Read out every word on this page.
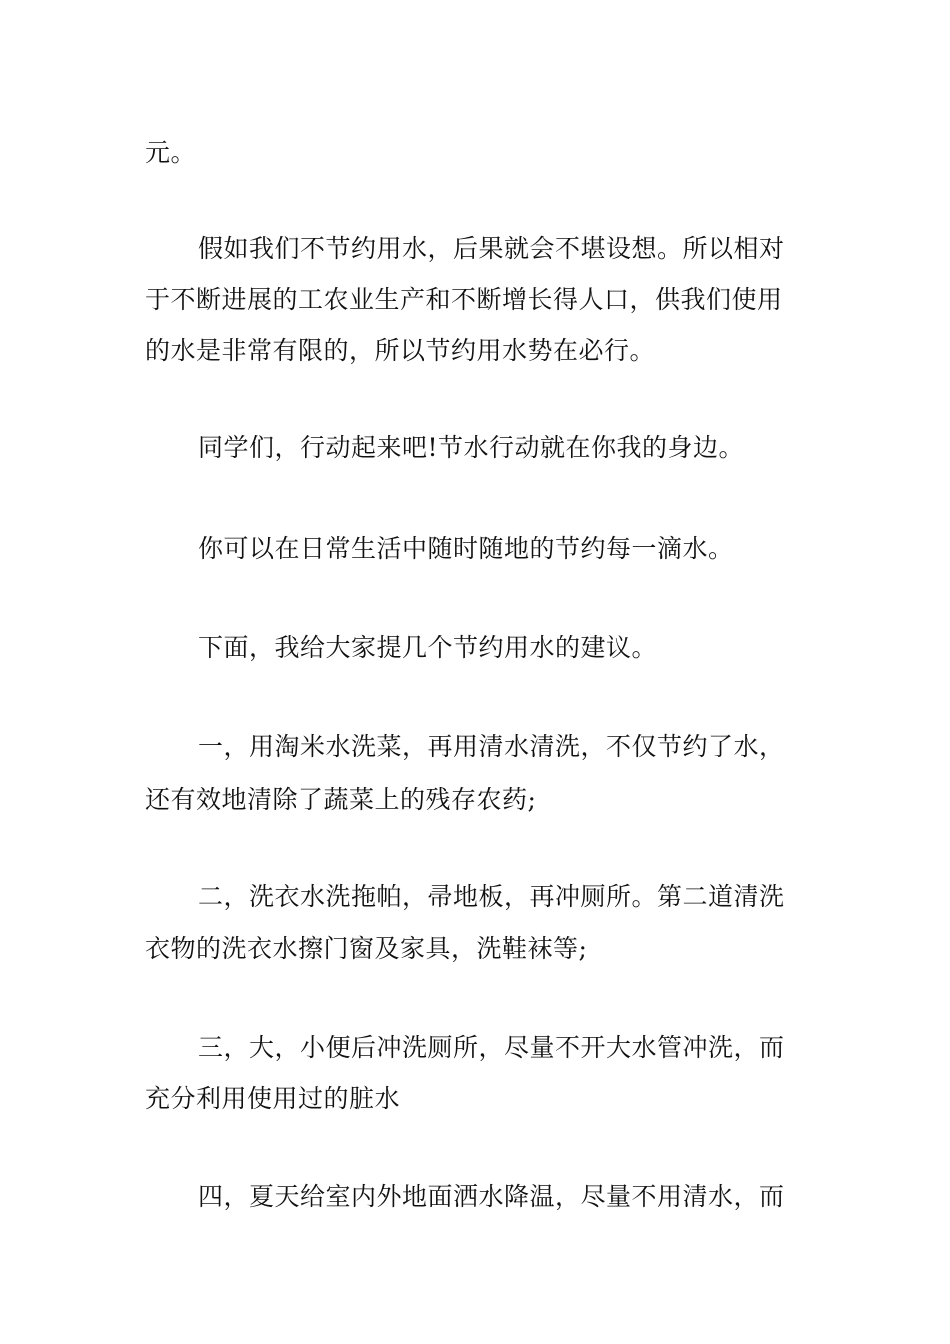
元。
假如我们不节约用水，后果就会不堪设想。所以相对
于不断进展的工农业生产和不断增长得人口，供我们使用
的水是非常有限的，所以节约用水势在必行。
同学们，行动起来吧!节水行动就在你我的身边。
你可以在日常生活中随时随地的节约每一滴水。
下面，我给大家提几个节约用水的建议。
一，用淘米水洗菜，再用清水清洗，不仅节约了水，
还有效地清除了蔬菜上的残存农药;
二，洗衣水洗拖帕，帚地板，再冲厕所。第二道清洗
衣物的洗衣水擦门窗及家具，洗鞋袜等;
三，大，小便后冲洗厕所，尽量不开大水管冲洗，而
充分利用使用过的脏水
四，夏天给室内外地面洒水降温，尽量不用清水，而
